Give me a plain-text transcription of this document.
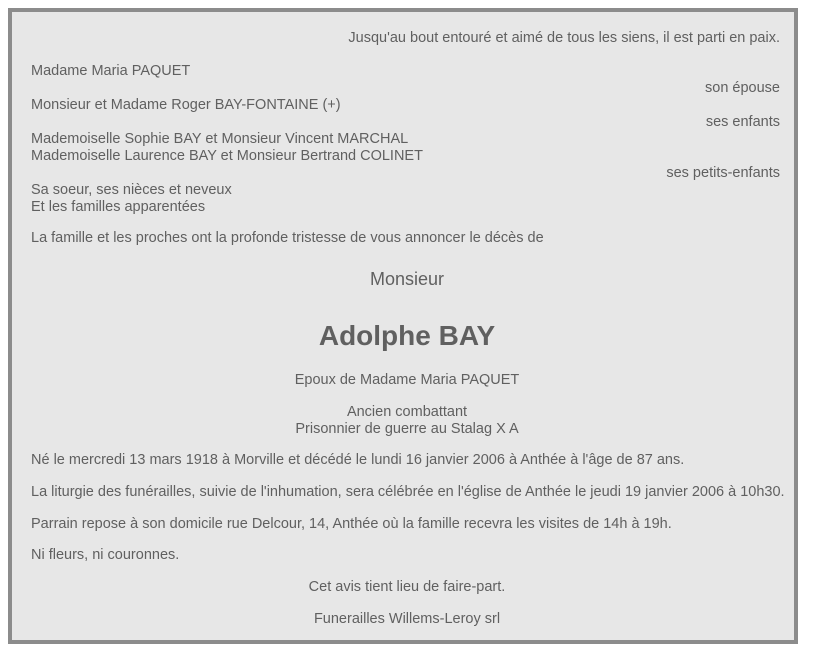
Jusqu'au bout entouré et aimé de tous les siens, il est parti en paix.
Madame Maria PAQUET
son épouse
Monsieur et Madame Roger BAY-FONTAINE (+)
ses enfants
Mademoiselle Sophie BAY et Monsieur Vincent MARCHAL
Mademoiselle Laurence BAY et Monsieur Bertrand COLINET
ses petits-enfants
Sa soeur, ses nièces et neveux
Et les familles apparentées
La famille et les proches ont la profonde tristesse de vous annoncer le décès de
Monsieur
Adolphe BAY
Epoux de Madame Maria PAQUET
Ancien combattant
Prisonnier de guerre au Stalag X A
Né le mercredi 13 mars 1918 à Morville et décédé le lundi 16 janvier 2006 à Anthée à l'âge de 87 ans.
La liturgie des funérailles, suivie de l'inhumation, sera célébrée en l'église de Anthée le jeudi 19 janvier 2006 à 10h30.
Parrain repose à son domicile rue Delcour, 14, Anthée où la famille recevra les visites de 14h à 19h.
Ni fleurs, ni couronnes.
Cet avis tient lieu de faire-part.
Funerailles Willems-Leroy srl
